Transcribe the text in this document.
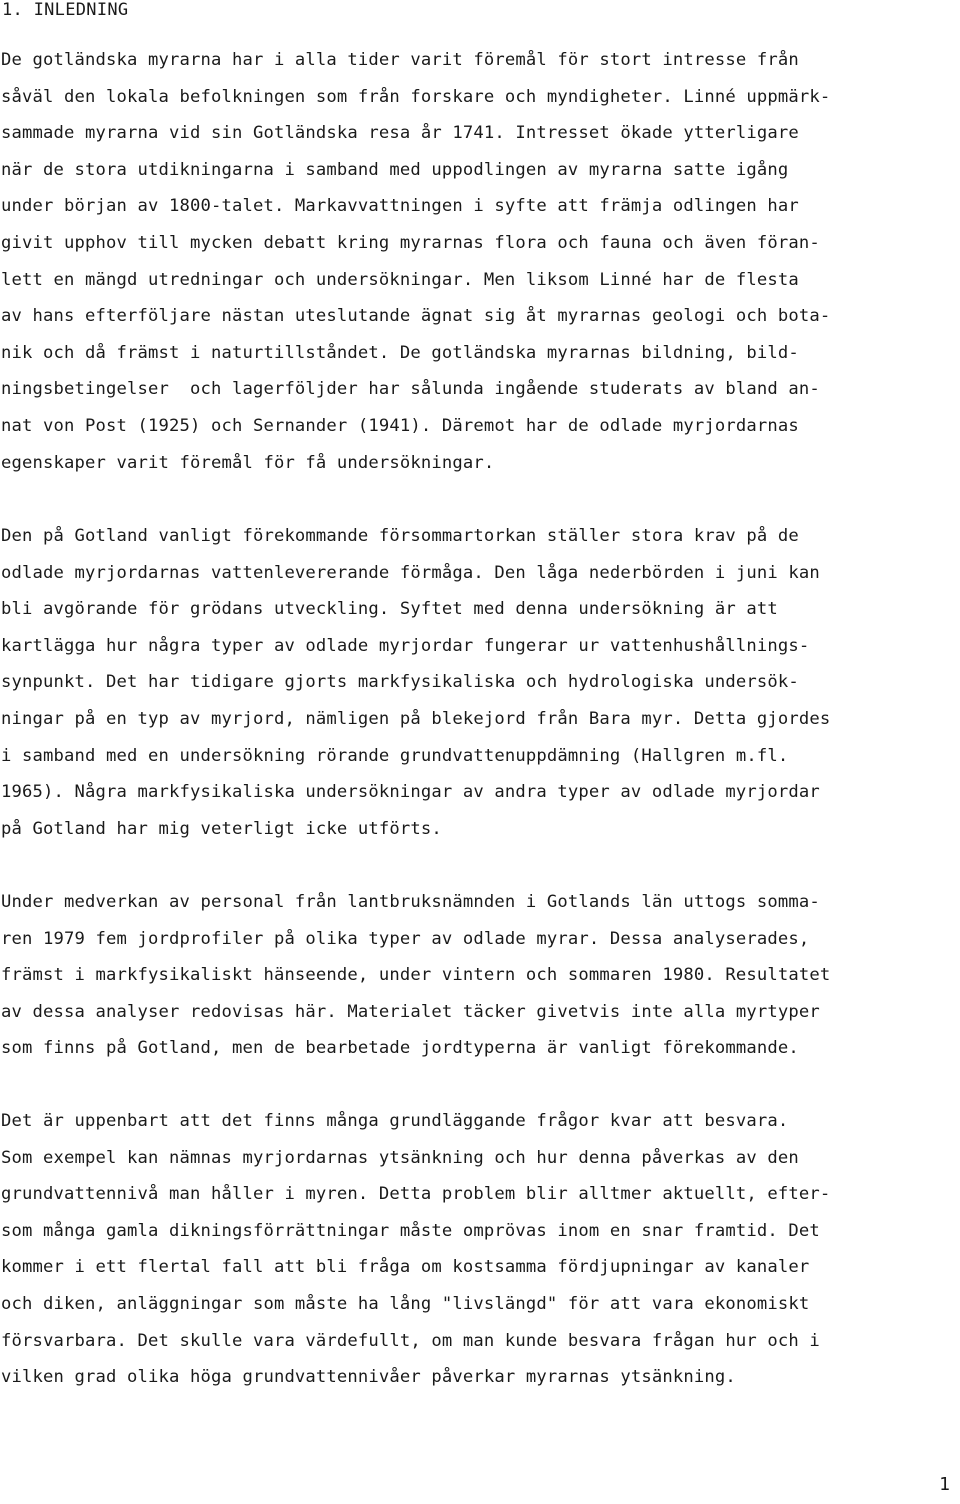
1. INLEDNING
De gotländska myrarna har i alla tider varit föremål för stort intresse från
såväl den lokala befolkningen som från forskare och myndigheter. Linné uppmärk-
sammade myrarna vid sin Gotländska resa år 1741. Intresset ökade ytterligare
när de stora utdikningarna i samband med uppodlingen av myrarna satte igång
under början av 1800-talet. Markavvattningen i syfte att främja odlingen har
givit upphov till mycken debatt kring myrarnas flora och fauna och även föran-
lett en mängd utredningar och undersökningar. Men liksom Linné har de flesta
av hans efterföljare nästan uteslutande ägnat sig åt myrarnas geologi och bota-
nik och då främst i naturtillståndet. De gotländska myrarnas bildning, bild-
ningsbetingelser  och lagerföljder har sålunda ingående studerats av bland an-
nat von Post (1925) och Sernander (1941). Däremot har de odlade myrjordarnas
egenskaper varit föremål för få undersökningar.
Den på Gotland vanligt förekommande försommartorkan ställer stora krav på de
odlade myrjordarnas vattenlevererande förmåga. Den låga nederbörden i juni kan
bli avgörande för grödans utveckling. Syftet med denna undersökning är att
kartlägga hur några typer av odlade myrjordar fungerar ur vattenhushållnings-
synpunkt. Det har tidigare gjorts markfysikaliska och hydrologiska undersök-
ningar på en typ av myrjord, nämligen på blekejord från Bara myr. Detta gjordes
i samband med en undersökning rörande grundvattenuppdämning (Hallgren m.fl.
1965). Några markfysikaliska undersökningar av andra typer av odlade myrjordar
på Gotland har mig veterligt icke utförts.
Under medverkan av personal från lantbruksnämnden i Gotlands län uttogs somma-
ren 1979 fem jordprofiler på olika typer av odlade myrar. Dessa analyserades,
främst i markfysikaliskt hänseende, under vintern och sommaren 1980. Resultatet
av dessa analyser redovisas här. Materialet täcker givetvis inte alla myrtyper
som finns på Gotland, men de bearbetade jordtyperna är vanligt förekommande.
Det är uppenbart att det finns många grundläggande frågor kvar att besvara.
Som exempel kan nämnas myrjordarnas ytsänkning och hur denna påverkas av den
grundvattennivå man håller i myren. Detta problem blir alltmer aktuellt, efter-
som många gamla dikningsförrättningar måste omprövas inom en snar framtid. Det
kommer i ett flertal fall att bli fråga om kostsamma fördjupningar av kanaler
och diken, anläggningar som måste ha lång "livslängd" för att vara ekonomiskt
försvarbara. Det skulle vara värdefullt, om man kunde besvara frågan hur och i
vilken grad olika höga grundvattennivåer påverkar myrarnas ytsänkning.
1
